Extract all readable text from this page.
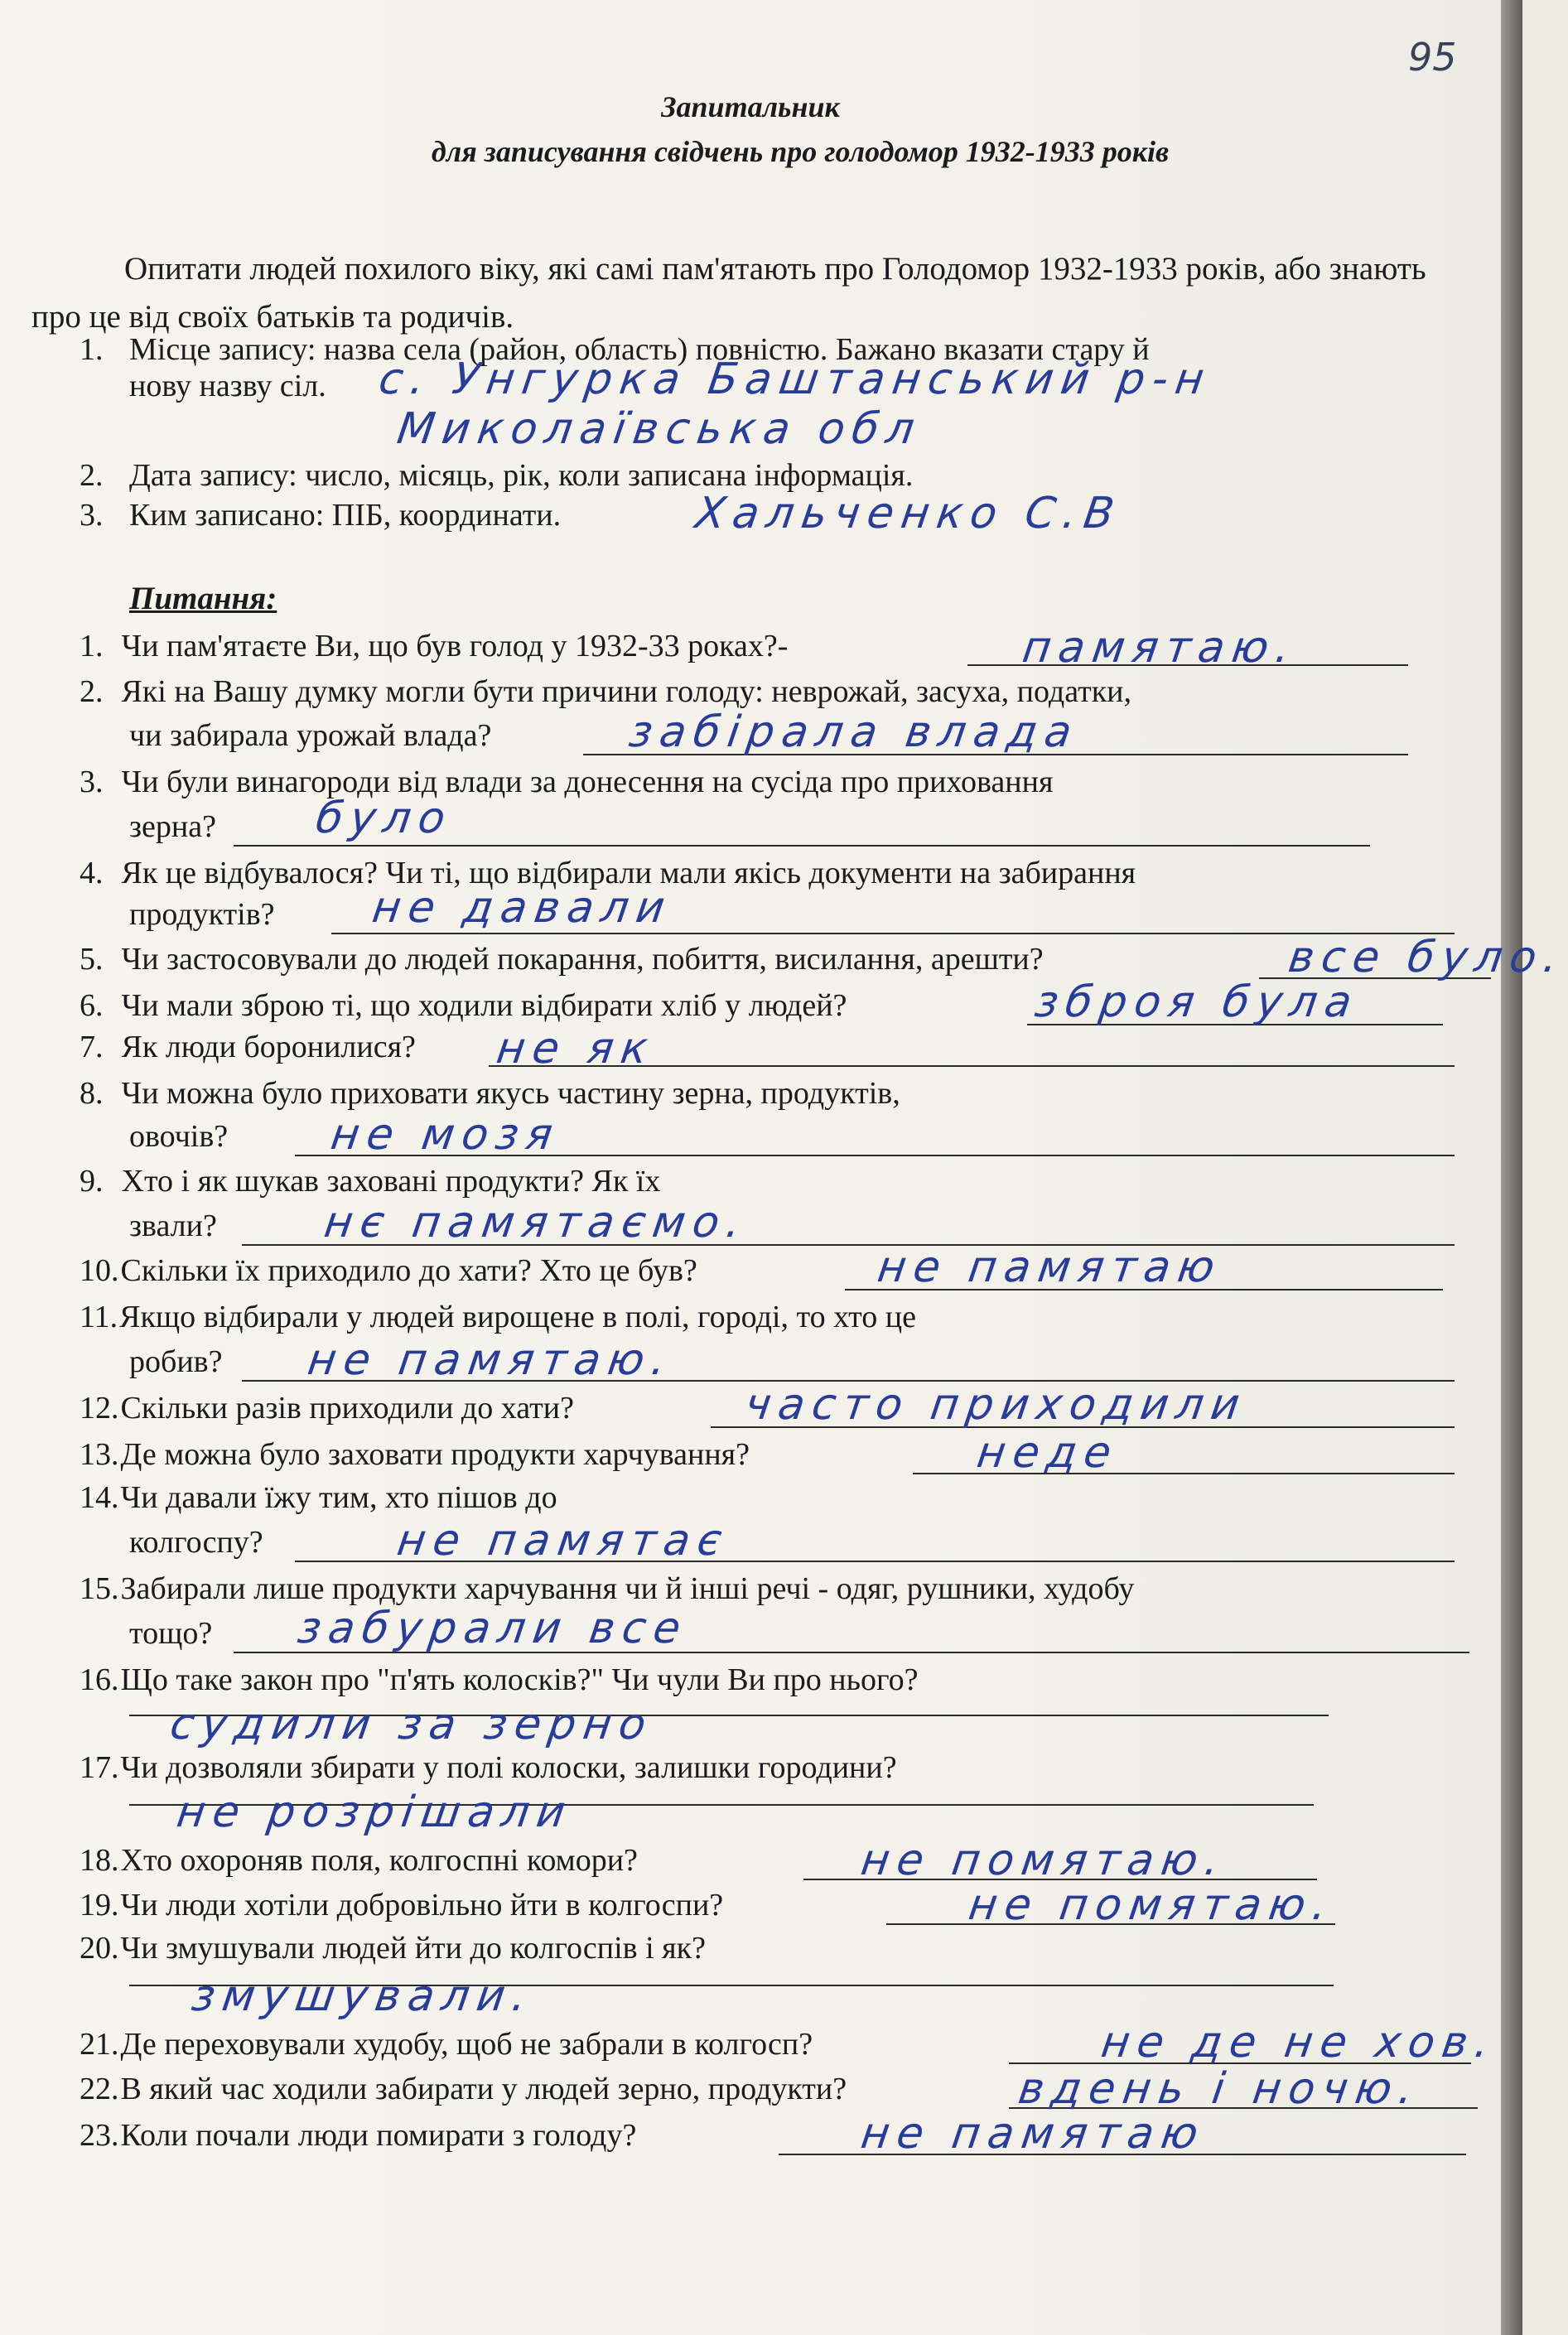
95
Запитальник
для записування свідчень про голодомор 1932-1933 років
Опитати людей похилого віку, які самі пам'ятають про Голодомор 1932-1933 років, або знають про це від своїх батьків та родичів.
1. Місце запису: назва села (район, область) повністю. Бажано вказати стару й
нову назву сіл. с. Унгурка Баштанський р-н
Миколаївська обл
2. Дата запису: число, місяць, рік, коли записана інформація.
3. Ким записано: ПІБ, координати.	Хальченко С.В
Питання:
1. Чи пам'ятаєте Ви, що був голод у 1932-33 роках?-	памятаю.
2. Які на Вашу думку могли бути причини голоду: неврожай, засуха, податки,
чи забирала урожай влада?	забірала влада
3. Чи були винагороди від влади за донесення на сусіда про приховання
зерна? було
4. Як це відбувалося? Чи ті, що відбирали мали якісь документи на забирання
продуктів? не давали
5. Чи застосовували до людей покарання, побиття, висилання, арешти?	все було.
6. Чи мали зброю ті, що ходили відбирати хліб у людей?	зброя була
7. Як люди боронилися? не як
8. Чи можна було приховати якусь частину зерна, продуктів,
овочів? не мозя
9. Хто і як шукав заховані продукти? Як їх
звали? нє памятаємо.
10.Скільки їх приходило до хати? Хто це був?	не памятаю
11.Якщо відбирали у людей вирощене в полі, городі, то хто це
робив? не памятаю.
12.Скільки разів приходили до хати?	часто приходили
13.Де можна було заховати продукти харчування?	неде
14.Чи давали їжу тим, хто пішов до
колгоспу?	не памятає
15.Забирали лише продукти харчування чи й інші речі - одяг, рушники, худобу
тощо? забурали все
16.Що таке закон про "п'ять колосків?" Чи чули Ви про нього?
судили за зерно
17.Чи дозволяли збирати у полі колоски, залишки городини?
не розрішали
18.Хто охороняв поля, колгоспні комори?	не помятаю.
19.Чи люди хотіли добровільно йти в колгоспи?	не помятаю.
20.Чи змушували людей йти до колгоспів і як?
змушували.
21.Де переховували худобу, щоб не забрали в колгосп?	не де не хов.
22.В який час ходили забирати у людей зерно, продукти?	вдень і ночю.
23.Коли почали люди помирати з голоду?	не памятаю
